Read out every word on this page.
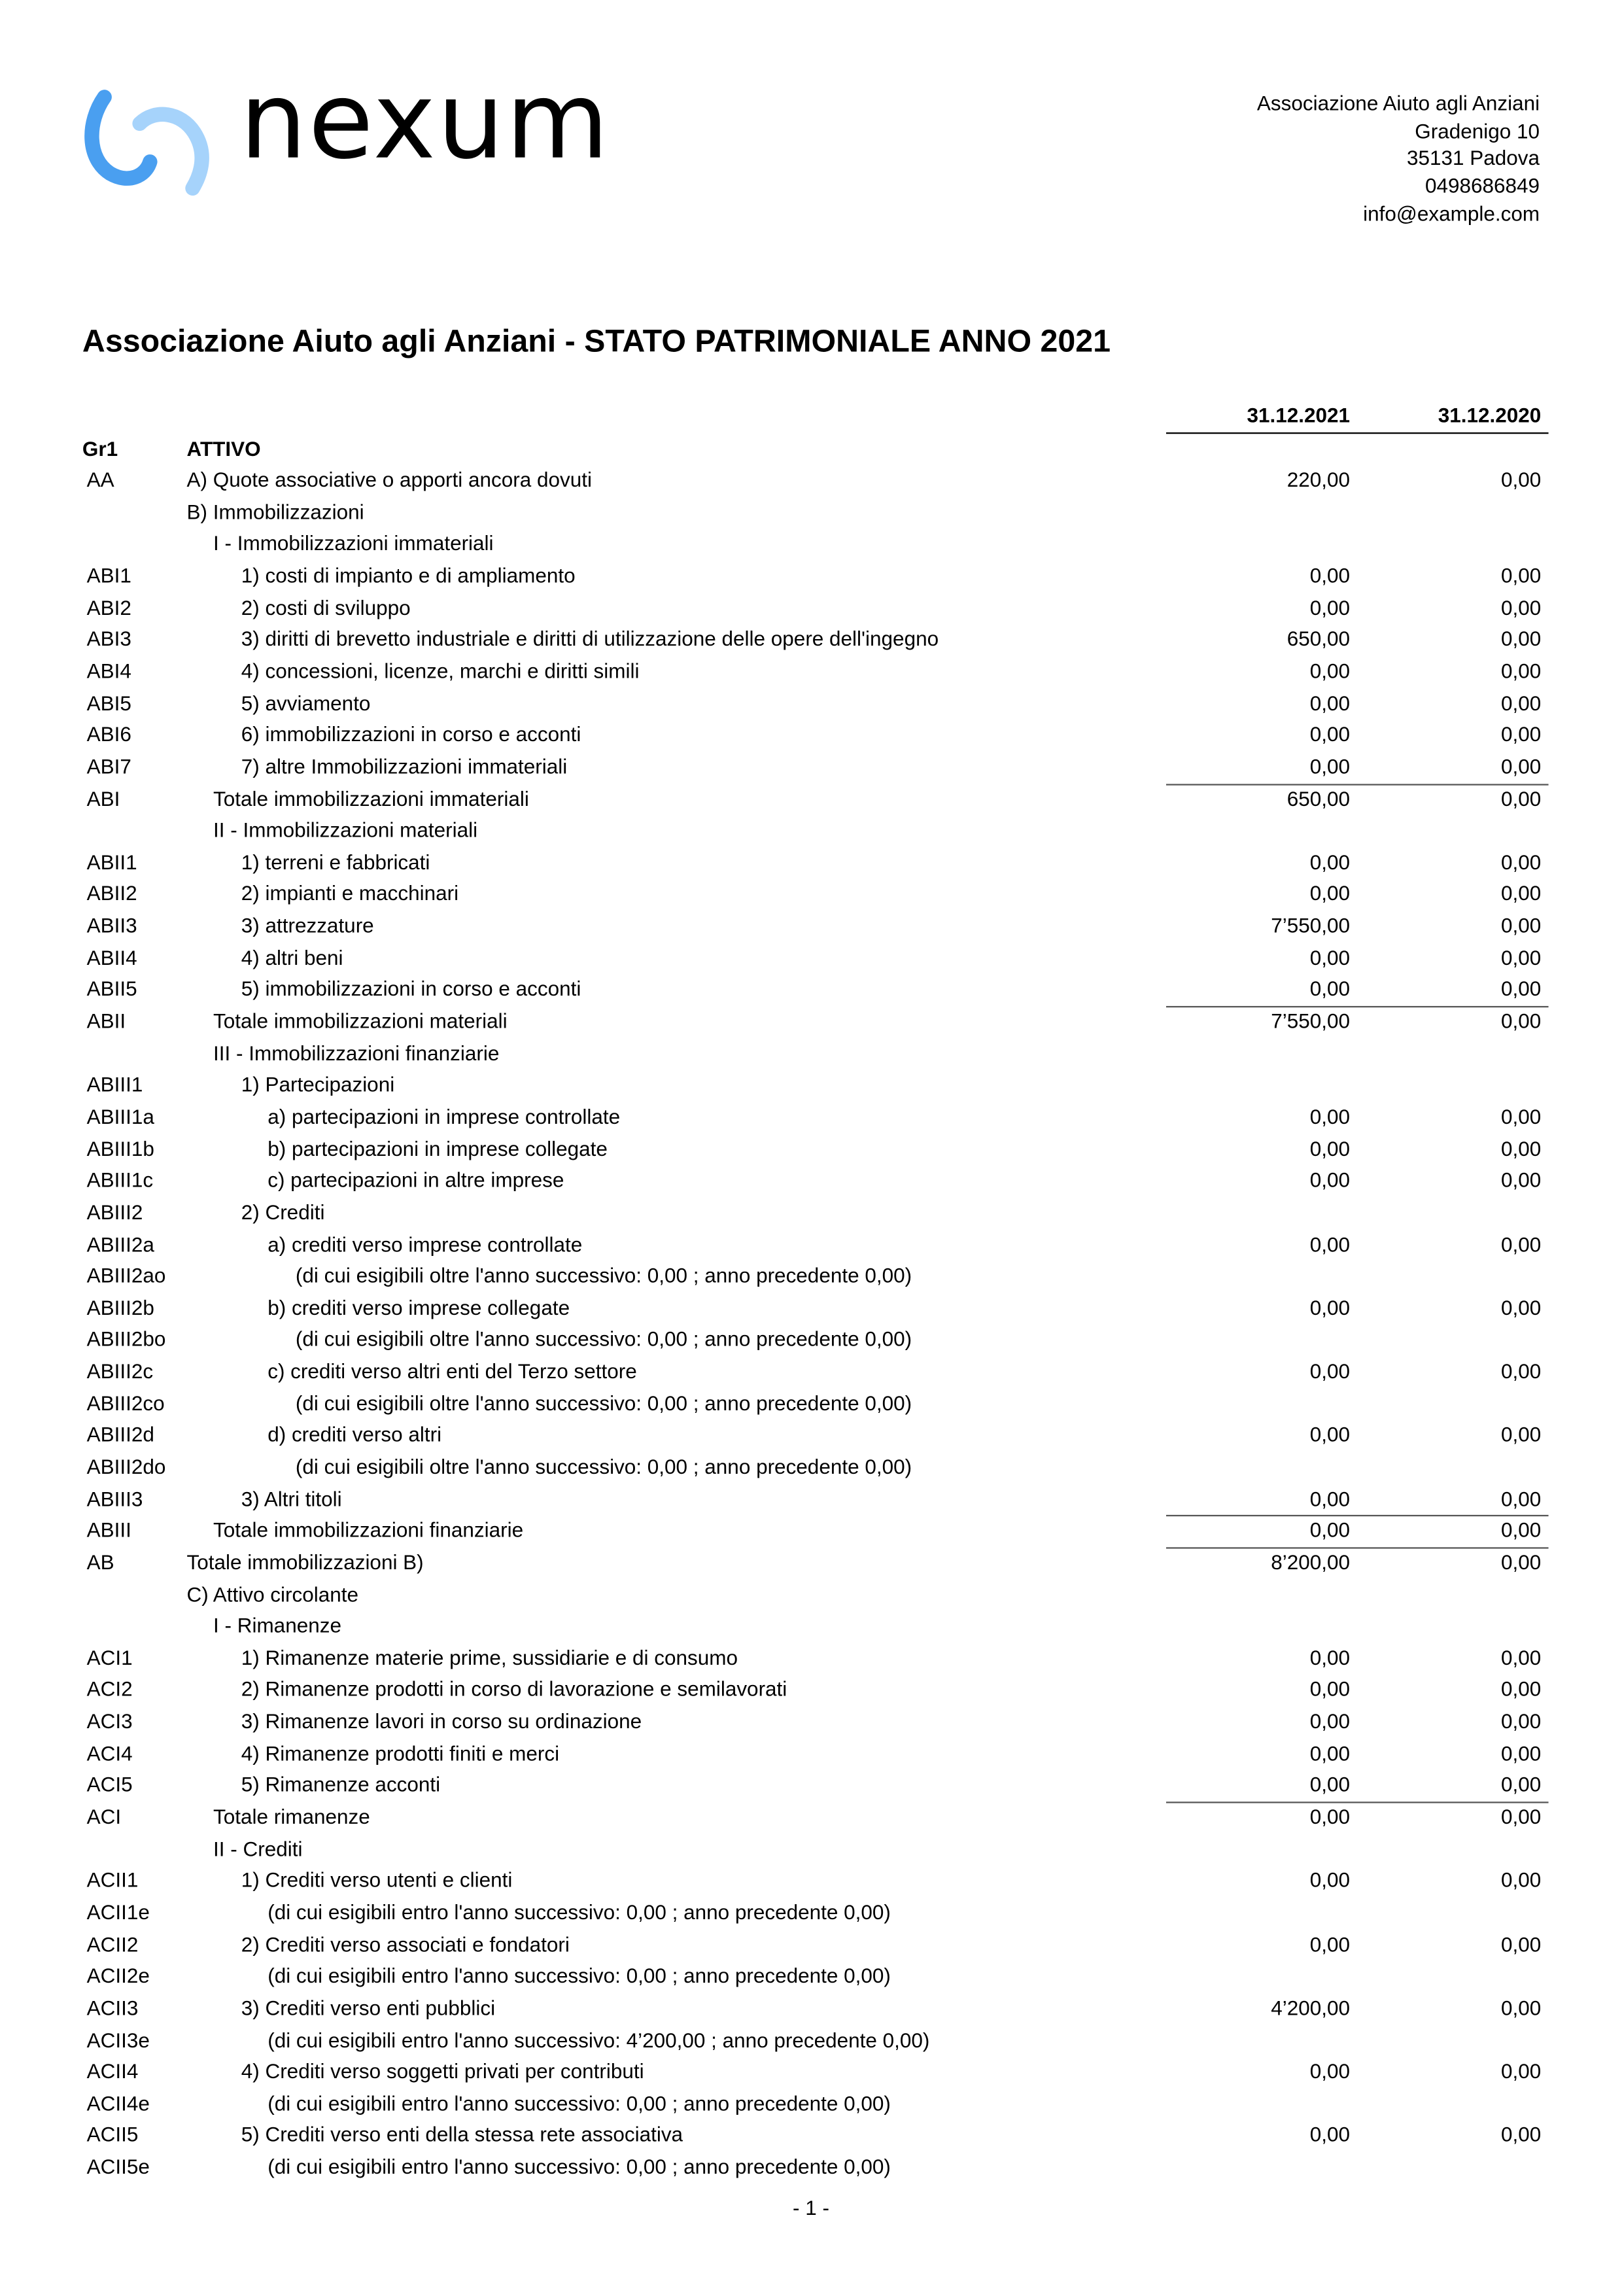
nexum	Associazione Aiuto agli Anziani
Gradenigo 10
35131 Padova
0498686849
info@example.com
Associazione Aiuto agli Anziani - STATO PATRIMONIALE ANNO 2021
31.12.2021	31.12.2020
Gr1	ATTIVO
AA	A) Quote associative o apporti ancora dovuti	220,00	0,00
B) Immobilizzazioni
I - Immobilizzazioni immateriali
ABI1	1) costi di impianto e di ampliamento	0,00	0,00
ABI2	2) costi di sviluppo	0,00	0,00
ABI3	3) diritti di brevetto industriale e diritti di utilizzazione delle opere dell'ingegno	650,00	0,00
ABI4	4) concessioni, licenze, marchi e diritti simili	0,00	0,00
ABI5	5) avviamento	0,00	0,00
ABI6	6) immobilizzazioni in corso e acconti	0,00	0,00
ABI7	7) altre Immobilizzazioni immateriali	0,00	0,00
ABI	Totale immobilizzazioni immateriali	650,00	0,00
II - Immobilizzazioni materiali
ABII1	1) terreni e fabbricati	0,00	0,00
ABII2	2) impianti e macchinari	0,00	0,00
ABII3	3) attrezzature	7’550,00	0,00
ABII4	4) altri beni	0,00	0,00
ABII5	5) immobilizzazioni in corso e acconti	0,00	0,00
ABII	Totale immobilizzazioni materiali	7’550,00	0,00
III - Immobilizzazioni finanziarie
ABIII1	1) Partecipazioni
ABIII1a	a) partecipazioni in imprese controllate	0,00	0,00
ABIII1b	b) partecipazioni in imprese collegate	0,00	0,00
ABIII1c	c) partecipazioni in altre imprese	0,00	0,00
ABIII2	2) Crediti
ABIII2a	a) crediti verso imprese controllate	0,00	0,00
ABIII2ao	(di cui esigibili oltre l'anno successivo: 0,00 ; anno precedente 0,00)
ABIII2b	b) crediti verso imprese collegate	0,00	0,00
ABIII2bo	(di cui esigibili oltre l'anno successivo: 0,00 ; anno precedente 0,00)
ABIII2c	c) crediti verso altri enti del Terzo settore	0,00	0,00
ABIII2co	(di cui esigibili oltre l'anno successivo: 0,00 ; anno precedente 0,00)
ABIII2d	d) crediti verso altri	0,00	0,00
ABIII2do	(di cui esigibili oltre l'anno successivo: 0,00 ; anno precedente 0,00)
ABIII3	3) Altri titoli	0,00	0,00
ABIII	Totale immobilizzazioni finanziarie	0,00	0,00
AB	Totale immobilizzazioni B)	8’200,00	0,00
C) Attivo circolante
I - Rimanenze
ACI1	1) Rimanenze materie prime, sussidiarie e di consumo	0,00	0,00
ACI2	2) Rimanenze prodotti in corso di lavorazione e semilavorati	0,00	0,00
ACI3	3) Rimanenze lavori in corso su ordinazione	0,00	0,00
ACI4	4) Rimanenze prodotti finiti e merci	0,00	0,00
ACI5	5) Rimanenze acconti	0,00	0,00
ACI	Totale rimanenze	0,00	0,00
II - Crediti
ACII1	1) Crediti verso utenti e clienti	0,00	0,00
ACII1e	(di cui esigibili entro l'anno successivo: 0,00 ; anno precedente 0,00)
ACII2	2) Crediti verso associati e fondatori	0,00	0,00
ACII2e	(di cui esigibili entro l'anno successivo: 0,00 ; anno precedente 0,00)
ACII3	3) Crediti verso enti pubblici	4’200,00	0,00
ACII3e	(di cui esigibili entro l'anno successivo: 4’200,00 ; anno precedente 0,00)
ACII4	4) Crediti verso soggetti privati per contributi	0,00	0,00
ACII4e	(di cui esigibili entro l'anno successivo: 0,00 ; anno precedente 0,00)
ACII5	5) Crediti verso enti della stessa rete associativa	0,00	0,00
ACII5e	(di cui esigibili entro l'anno successivo: 0,00 ; anno precedente 0,00)
- 1 -
